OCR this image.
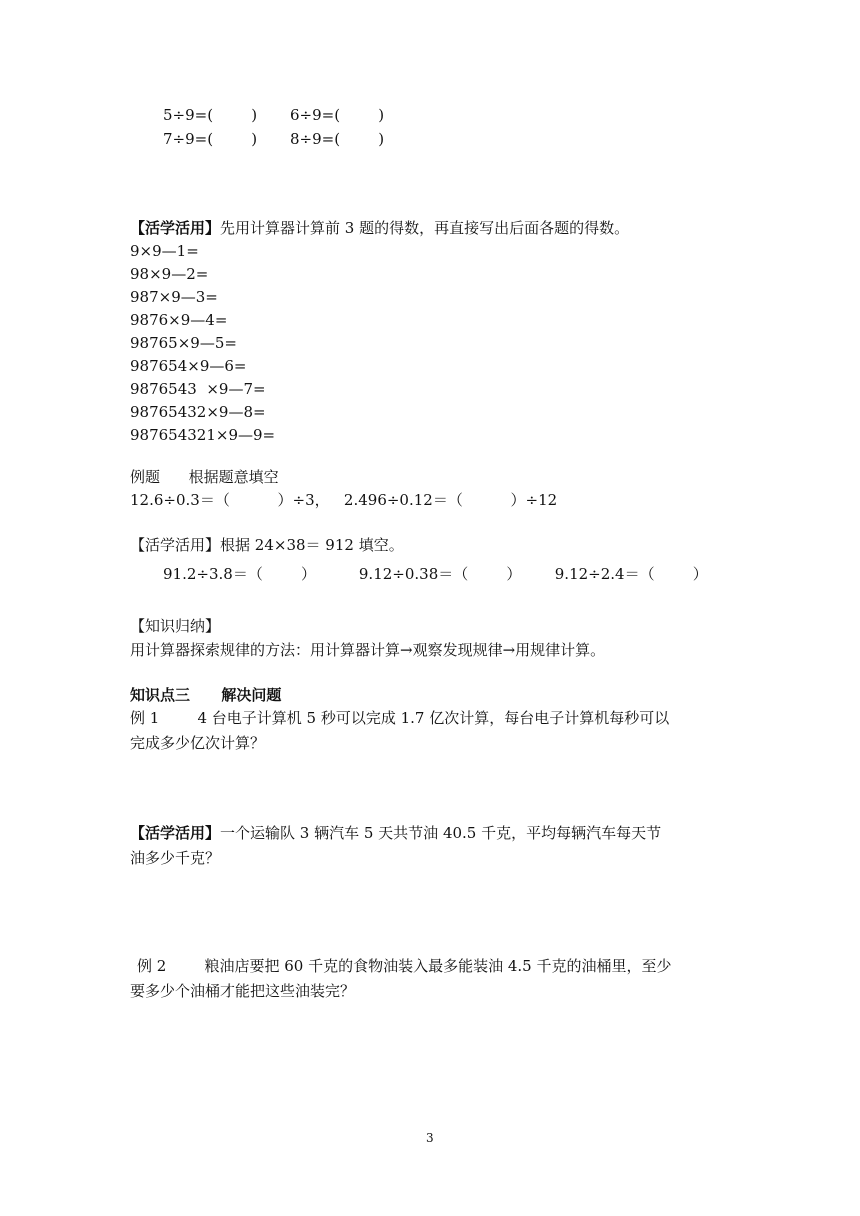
5÷9=(        ) 6÷9=(        )
7÷9=(        ) 8÷9=(        )
【活学活用】先用计算器计算前 3 题的得数，再直接写出后面各题的得数。
9×9—1=
98×9—2=
987×9—3=
9876×9—4=
98765×9—5=
987654×9—6=
9876543  ×9—7=
98765432×9—8=
987654321×9—9=
例题      根据题意填空
12.6÷0.3＝（          ）÷3，   2.496÷0.12＝（          ）÷12
【活学活用】根据 24×38＝ 912 填空。
91.2÷3.8＝（        ）         9.12÷0.38＝（        ）       9.12÷2.4＝（        ）
【知识归纳】
用计算器探索规律的方法：用计算器计算→观察发现规律→用规律计算。
知识点三      解决问题
例 1        4 台电子计算机 5 秒可以完成 1.7 亿次计算，每台电子计算机每秒可以
完成多少亿次计算？
【活学活用】一个运输队 3 辆汽车 5 天共节油 40.5 千克，平均每辆汽车每天节
油多少千克？
例 2        粮油店要把 60 千克的食物油装入最多能装油 4.5 千克的油桶里，至少
要多少个油桶才能把这些油装完？
3
